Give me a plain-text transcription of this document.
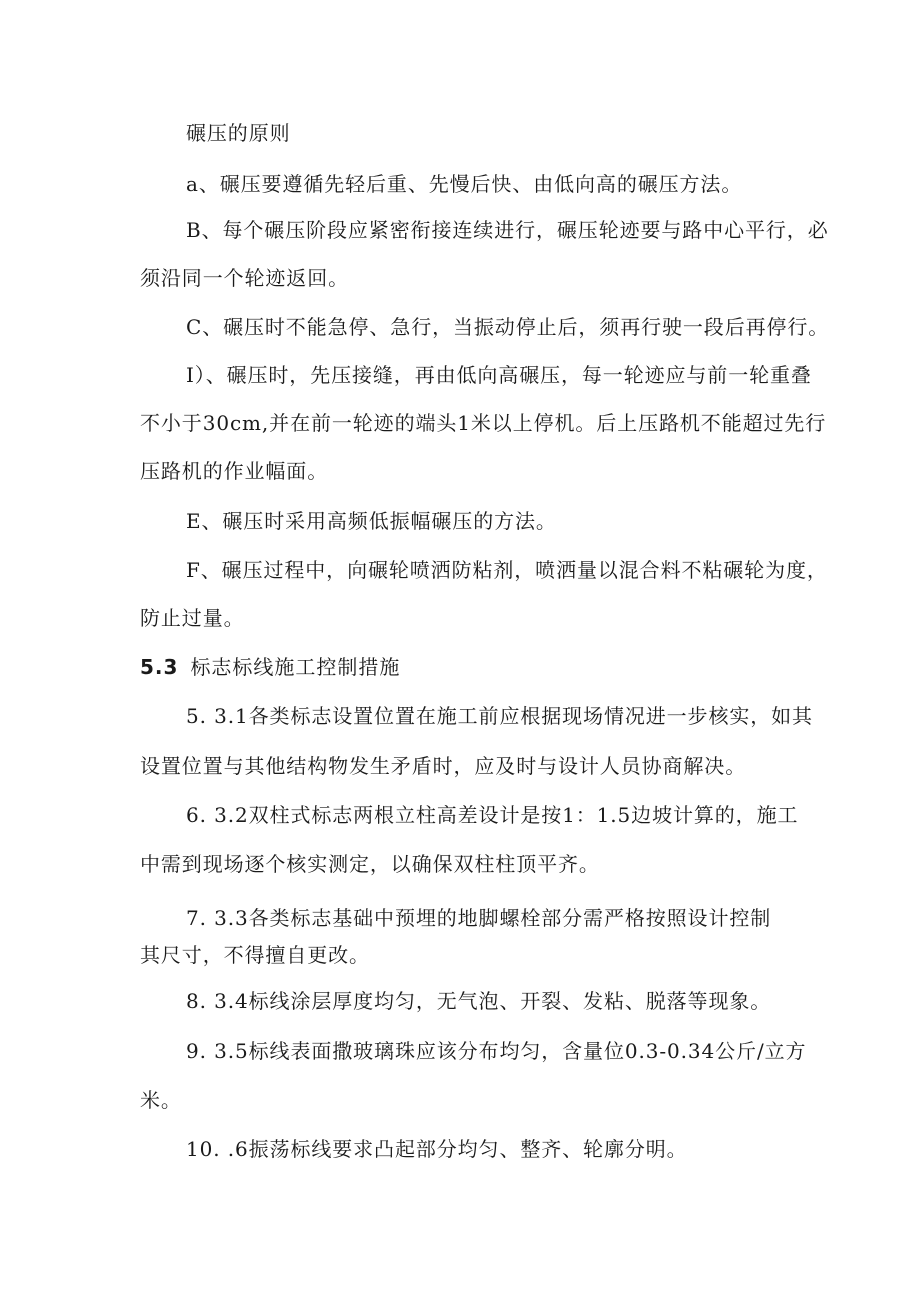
碾压的原则
a、碾压要遵循先轻后重、先慢后快、由低向高的碾压方法。
B、每个碾压阶段应紧密衔接连续进行，碾压轮迹要与路中心平行，必
须沿同一个轮迹返回。
C、碾压时不能急停、急行，当振动停止后，须再行驶一段后再停行。
I）、碾压时，先压接缝，再由低向高碾压，每一轮迹应与前一轮重叠
不小于30cm,并在前一轮迹的端头1米以上停机。后上压路机不能超过先行
压路机的作业幅面。
E、碾压时采用高频低振幅碾压的方法。
F、碾压过程中，向碾轮喷洒防粘剂，喷洒量以混合料不粘碾轮为度，
防止过量。
5.3 标志标线施工控制措施
5. 3.1各类标志设置位置在施工前应根据现场情况进一步核实，如其
设置位置与其他结构物发生矛盾时，应及时与设计人员协商解决。
6. 3.2双柱式标志两根立柱高差设计是按1：1.5边坡计算的，施工
中需到现场逐个核实测定，以确保双柱柱顶平齐。
7. 3.3各类标志基础中预埋的地脚螺栓部分需严格按照设计控制
其尺寸，不得擅自更改。
8. 3.4标线涂层厚度均匀，无气泡、开裂、发粘、脱落等现象。
9. 3.5标线表面撒玻璃珠应该分布均匀，含量位0.3-0.34公斤/立方
米。
10. .6振荡标线要求凸起部分均匀、整齐、轮廓分明。
